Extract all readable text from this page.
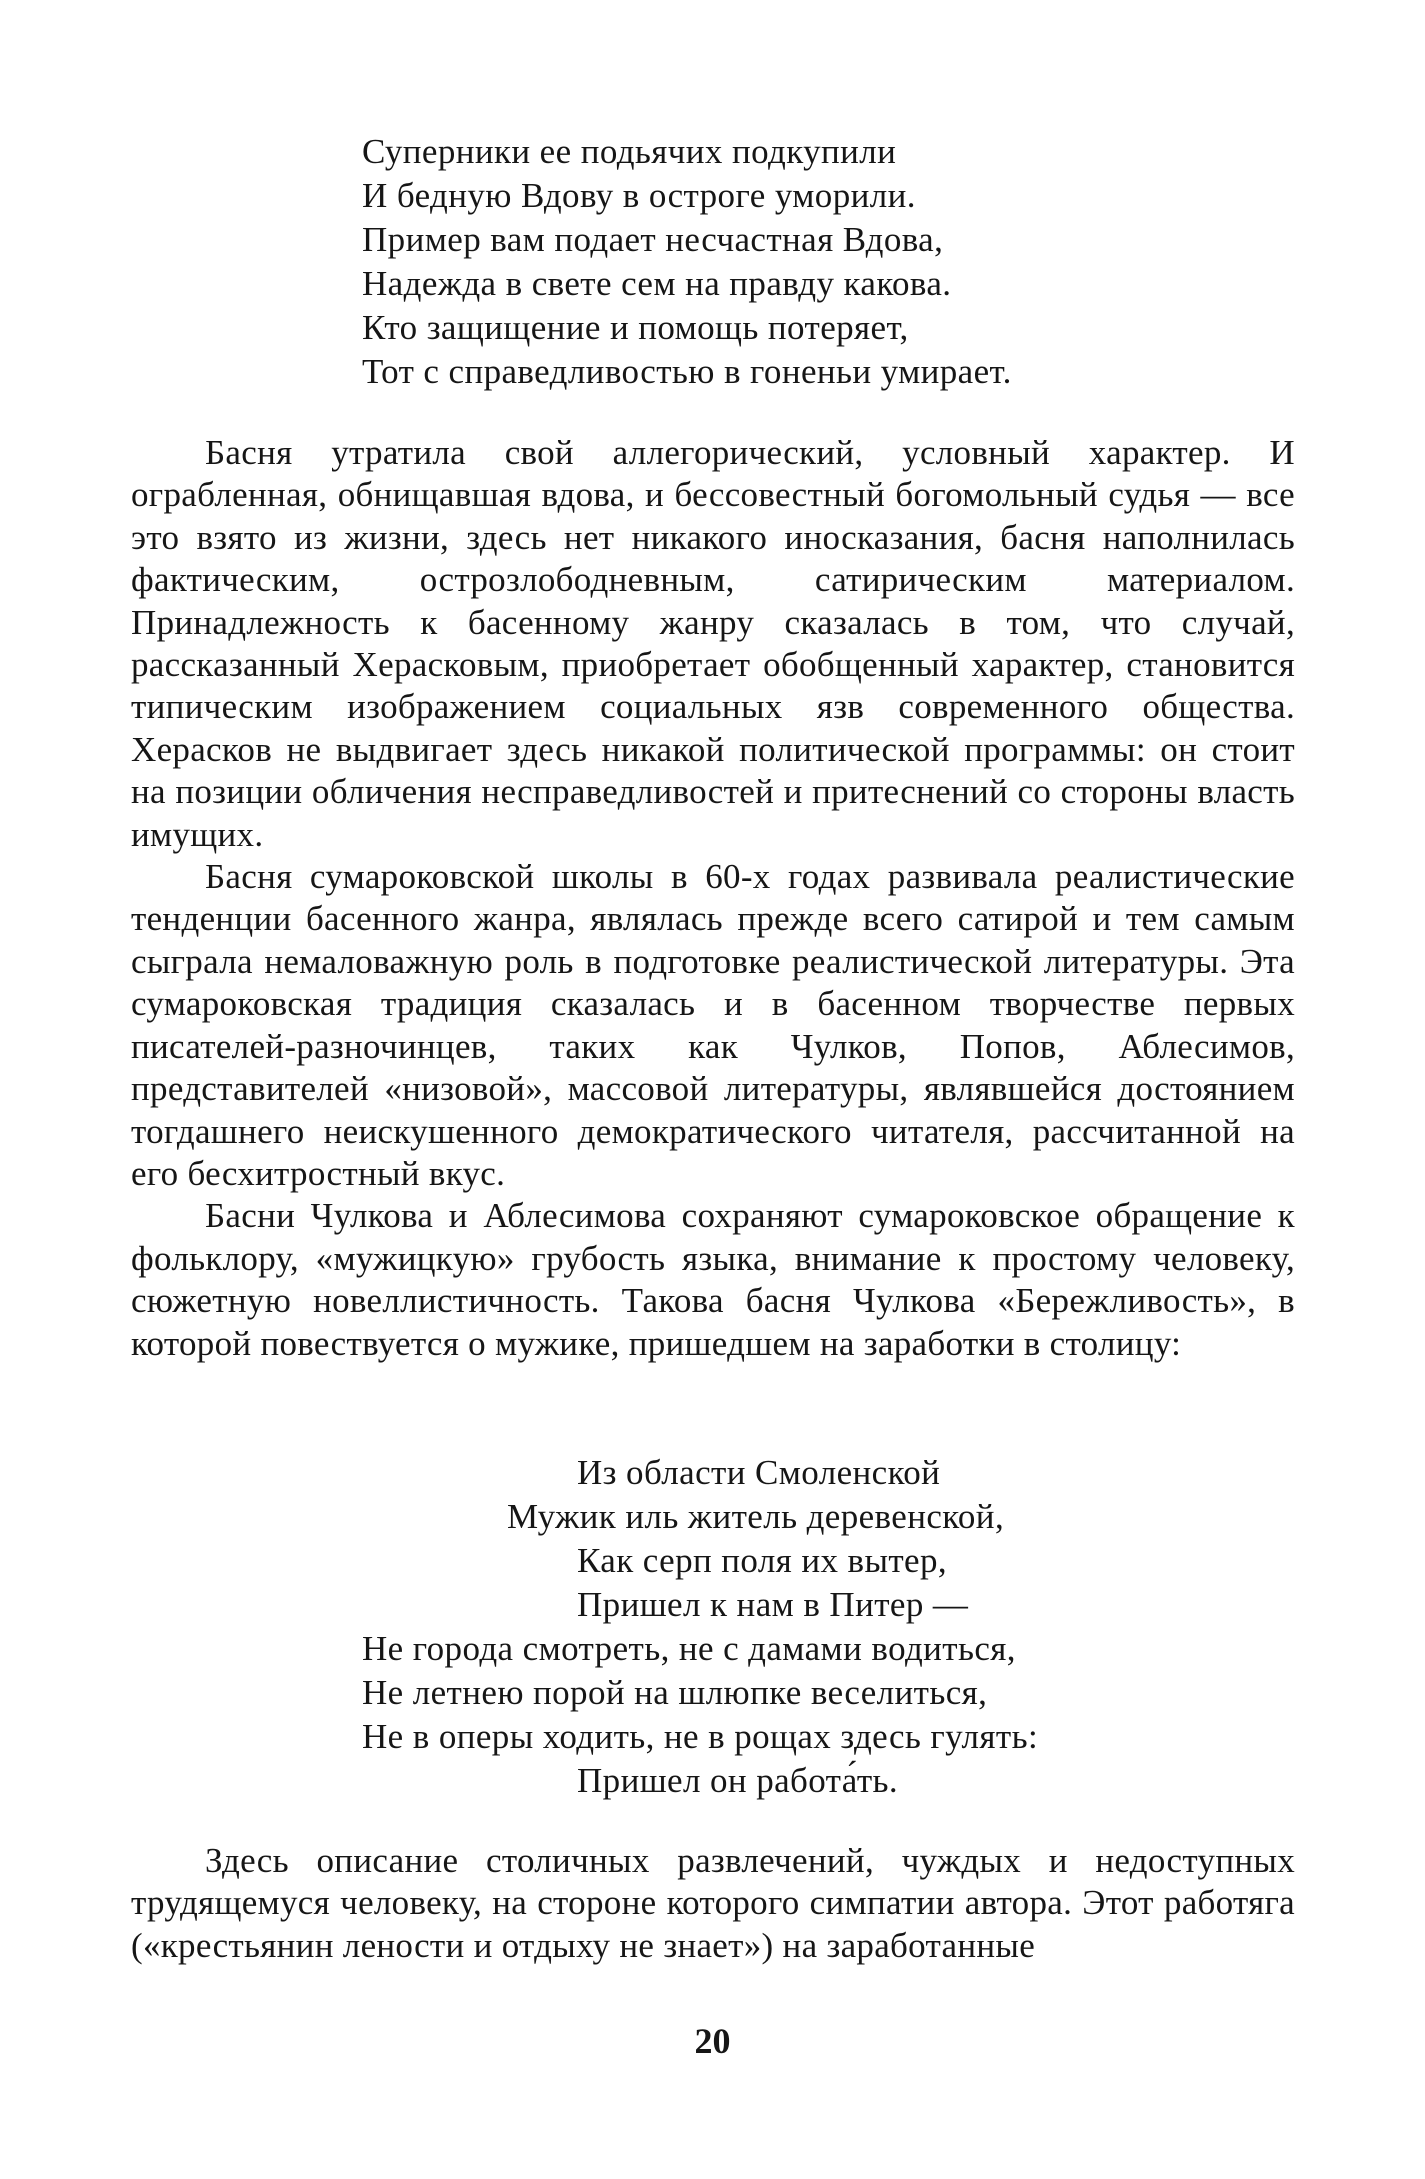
Суперники ее подьячих подкупили
И бедную Вдову в остроге уморили.
Пример вам подает несчастная Вдова,
Надежда в свете сем на правду какова.
Кто защищение и помощь потеряет,
Тот с справедливостью в гоненьи умирает.

Басня утратила свой аллегорический, условный характер. И ограбленная, обнищавшая вдова, и бессовестный богомольный судья — все это взято из жизни, здесь нет никакого иносказания, басня наполнилась фактическим, острозлободневным, сатирическим материалом. Принадлежность к басенному жанру сказалась в том, что случай, рассказанный Херасковым, приобретает обобщенный характер, становится типическим изображением социальных язв современного общества. Херасков не выдвигает здесь никакой политической программы: он стоит на позиции обличения несправедливостей и притеснений со стороны власть имущих.

Басня сумароковской школы в 60-х годах развивала реалистические тенденции басенного жанра, являлась прежде всего сатирой и тем самым сыграла немаловажную роль в подготовке реалистической литературы. Эта сумароковская традиция сказалась и в басенном творчестве первых писателей-разночинцев, таких как Чулков, Попов, Аблесимов, представителей «низовой», массовой литературы, являвшейся достоянием тогдашнего неискушенного демократического читателя, рассчитанной на его бесхитростный вкус.

Басни Чулкова и Аблесимова сохраняют сумароковское обращение к фольклору, «мужицкую» грубость языка, внимание к простому человеку, сюжетную новеллистичность. Такова басня Чулкова «Бережливость», в которой повествуется о мужике, пришедшем на заработки в столицу:

Из области Смоленской
Мужик иль житель деревенской,
Как серп поля их вытер,
Пришел к нам в Питер —
Не города смотреть, не с дамами водиться,
Не летнею порой на шлюпке веселиться,
Не в оперы ходить, не в рощах здесь гулять:
Пришел он работа́ть.

Здесь описание столичных развлечений, чуждых и недоступных трудящемуся человеку, на стороне которого симпатии автора. Этот работяга («крестьянин лености и отдыху не знает») на заработанные

20
